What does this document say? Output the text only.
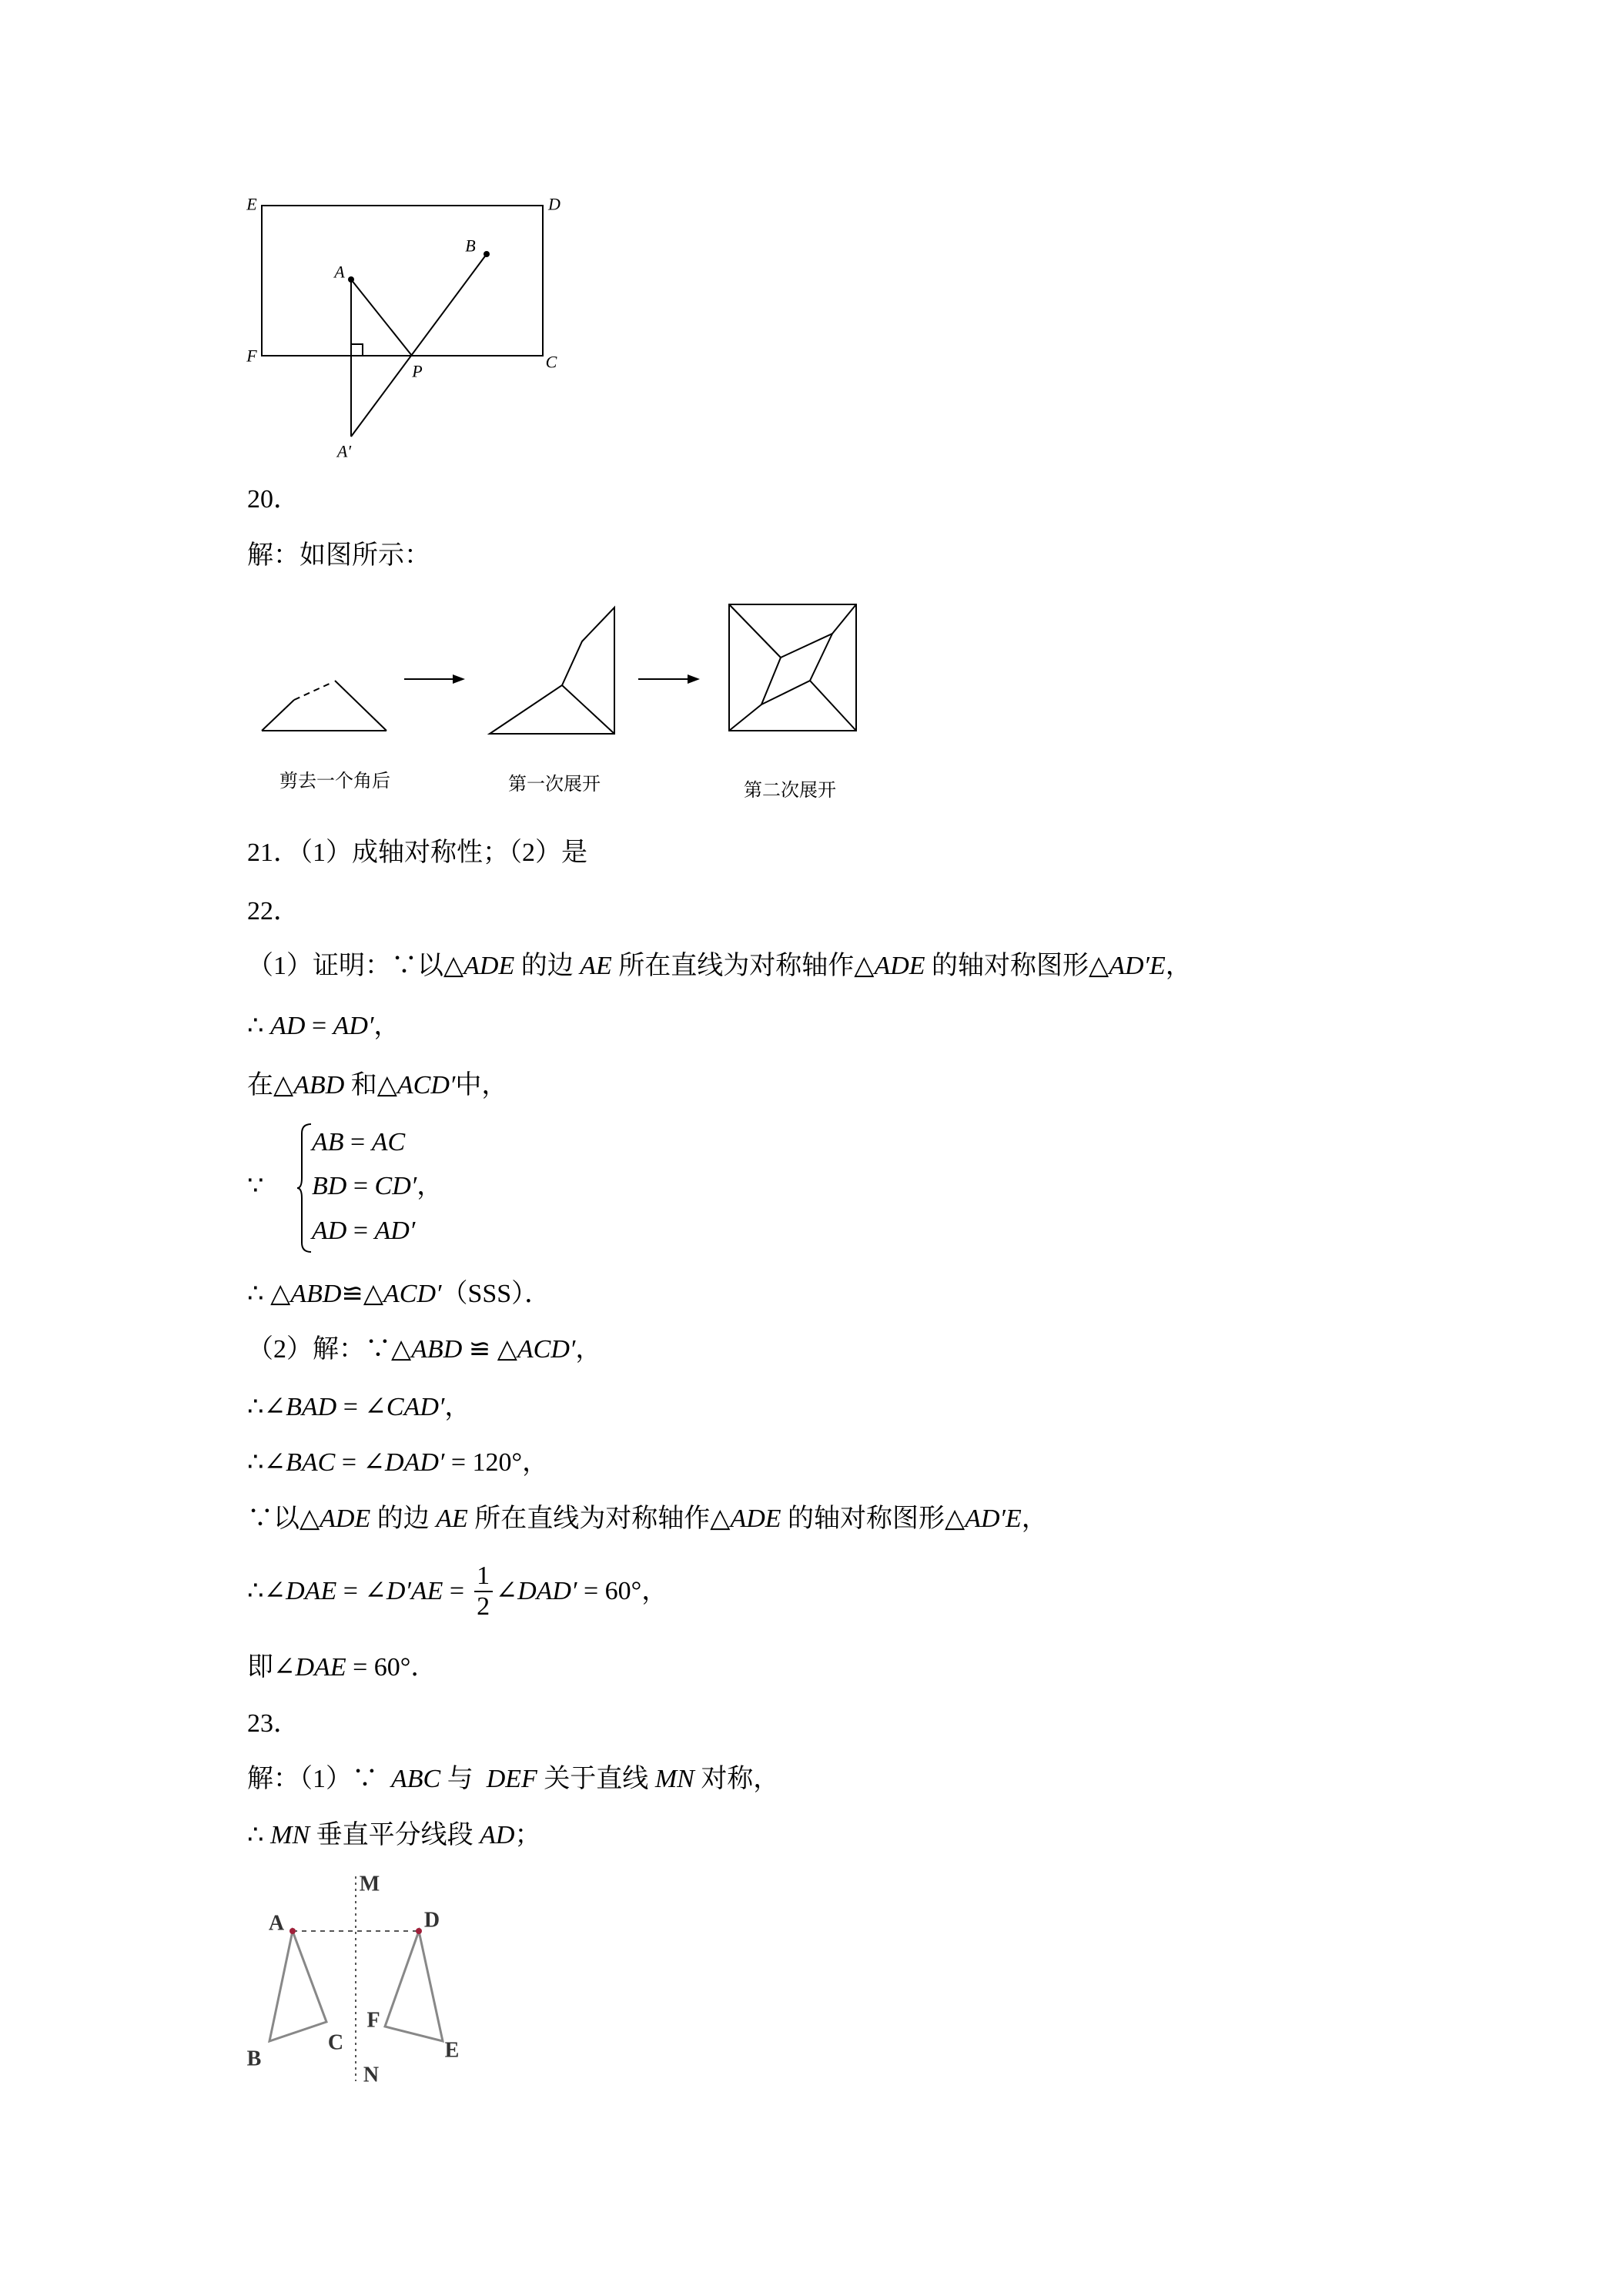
E	D
F	C
A
B
P
A′
20．
解：如图所示：
剪去一个角后	第一次展开	第二次展开
21．（1）成轴对称性；（2）是
22．
（1）证明：∵以△ADE 的边 AE 所在直线为对称轴作△ADE 的轴对称图形△AD′E，
∴ AD = AD′，
在△ABD 和△ACD′中，
∵
AB = AC
BD = CD′，
AD = AD′
∴ △ABD≌△ACD′（SSS）．
（2）解：∵△ABD ≌ △ACD′，
∴∠BAD = ∠CAD′，
∴∠BAC = ∠DAD′ = 120°，
∵以△ADE 的边 AE 所在直线为对称轴作△ADE 的轴对称图形△AD′E，
∴∠ DAE = ∠ $D'AE = \frac{1}{2}$ ∠ DAD′ = 60°，
即∠DAE = 60°．
23．
解：（1）∵  ABC 与  DEF 关于直线 MN 对称，
∴ MN 垂直平分线段 AD；
M
N
A	D
B
C
F
E
